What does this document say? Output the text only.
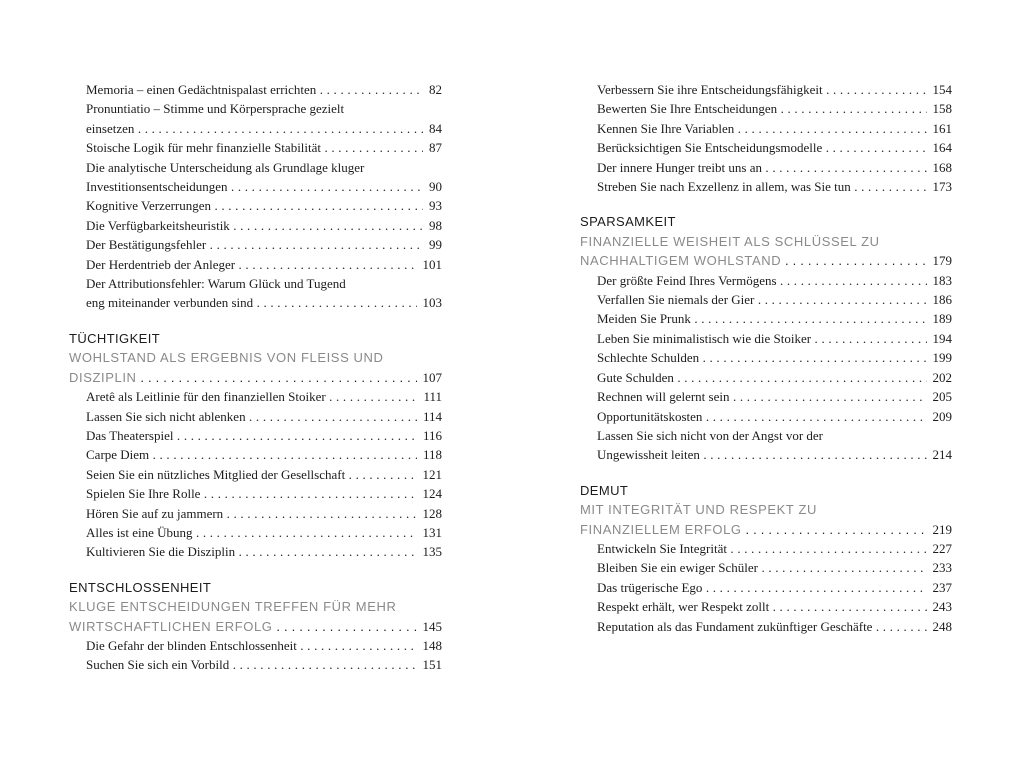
Memoria – einen Gedächtnispalast errichten . . .	82
Pronuntiatio – Stimme und Körpersprache gezielt
einsetzen . . .	84
Stoische Logik für mehr finanzielle Stabilität . . .	87
Die analytische Unterscheidung als Grundlage kluger
Investitionsentscheidungen . . .	90
Kognitive Verzerrungen . . .	93
Die Verfügbarkeitsheuristik . . .	98
Der Bestätigungsfehler . . .	99
Der Herdentrieb der Anleger . . .	101
Der Attributionsfehler: Warum Glück und Tugend
eng miteinander verbunden sind . . .	103
TÜCHTIGKEIT
WOHLSTAND ALS ERGEBNIS VON FLEISS UND
DISZIPLIN . . .	107
Aretê als Leitlinie für den finanziellen Stoiker . . .	111
Lassen Sie sich nicht ablenken . . .	114
Das Theaterspiel . . .	116
Carpe Diem . . .	118
Seien Sie ein nützliches Mitglied der Gesellschaft . . .	121
Spielen Sie Ihre Rolle . . .	124
Hören Sie auf zu jammern . . .	128
Alles ist eine Übung . . .	131
Kultivieren Sie die Disziplin . . .	135
ENTSCHLOSSENHEIT
KLUGE ENTSCHEIDUNGEN TREFFEN FÜR MEHR
WIRTSCHAFTLICHEN ERFOLG . . .	145
Die Gefahr der blinden Entschlossenheit . . .	148
Suchen Sie sich ein Vorbild . . .	151
Verbessern Sie ihre Entscheidungsfähigkeit . . .	154
Bewerten Sie Ihre Entscheidungen . . .	158
Kennen Sie Ihre Variablen . . .	161
Berücksichtigen Sie Entscheidungsmodelle . . .	164
Der innere Hunger treibt uns an . . .	168
Streben Sie nach Exzellenz in allem, was Sie tun . . .	173
SPARSAMKEIT
FINANZIELLE WEISHEIT ALS SCHLÜSSEL ZU
NACHHALTIGEM WOHLSTAND . . .	179
Der größte Feind Ihres Vermögens . . .	183
Verfallen Sie niemals der Gier . . .	186
Meiden Sie Prunk . . .	189
Leben Sie minimalistisch wie die Stoiker . . .	194
Schlechte Schulden . . .	199
Gute Schulden . . .	202
Rechnen will gelernt sein . . .	205
Opportunitätskosten . . .	209
Lassen Sie sich nicht von der Angst vor der
Ungewissheit leiten . . .	214
DEMUT
MIT INTEGRITÄT UND RESPEKT ZU
FINANZIELLEM ERFOLG . . .	219
Entwickeln Sie Integrität . . .	227
Bleiben Sie ein ewiger Schüler . . .	233
Das trügerische Ego . . .	237
Respekt erhält, wer Respekt zollt . . .	243
Reputation als das Fundament zukünftiger Geschäfte . . .	248
